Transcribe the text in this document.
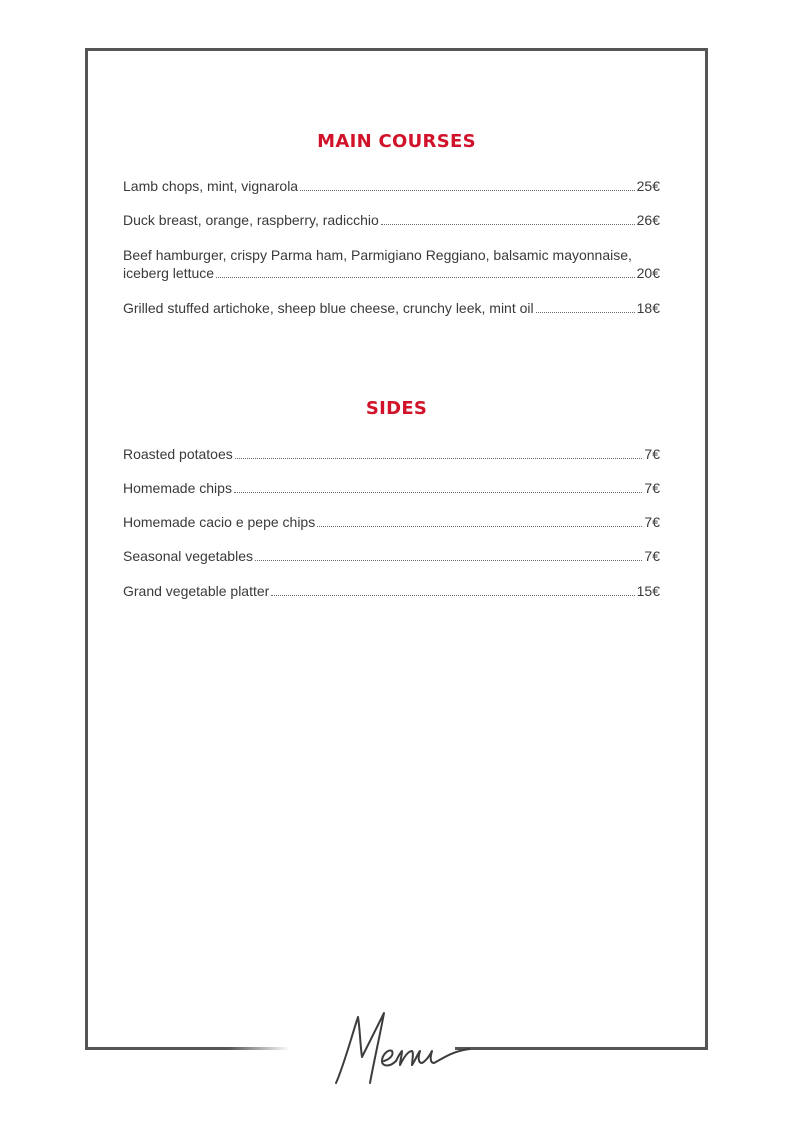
MAIN COURSES
Lamb chops, mint, vignarola	25€
Duck breast, orange, raspberry, radicchio	26€
Beef hamburger, crispy Parma ham, Parmigiano Reggiano, balsamic mayonnaise,
iceberg lettuce	20€
Grilled stuffed artichoke, sheep blue cheese, crunchy leek, mint oil	18€
SIDES
Roasted potatoes	7€
Homemade chips	7€
Homemade cacio e pepe chips	7€
Seasonal vegetables	7€
Grand vegetable platter	15€
